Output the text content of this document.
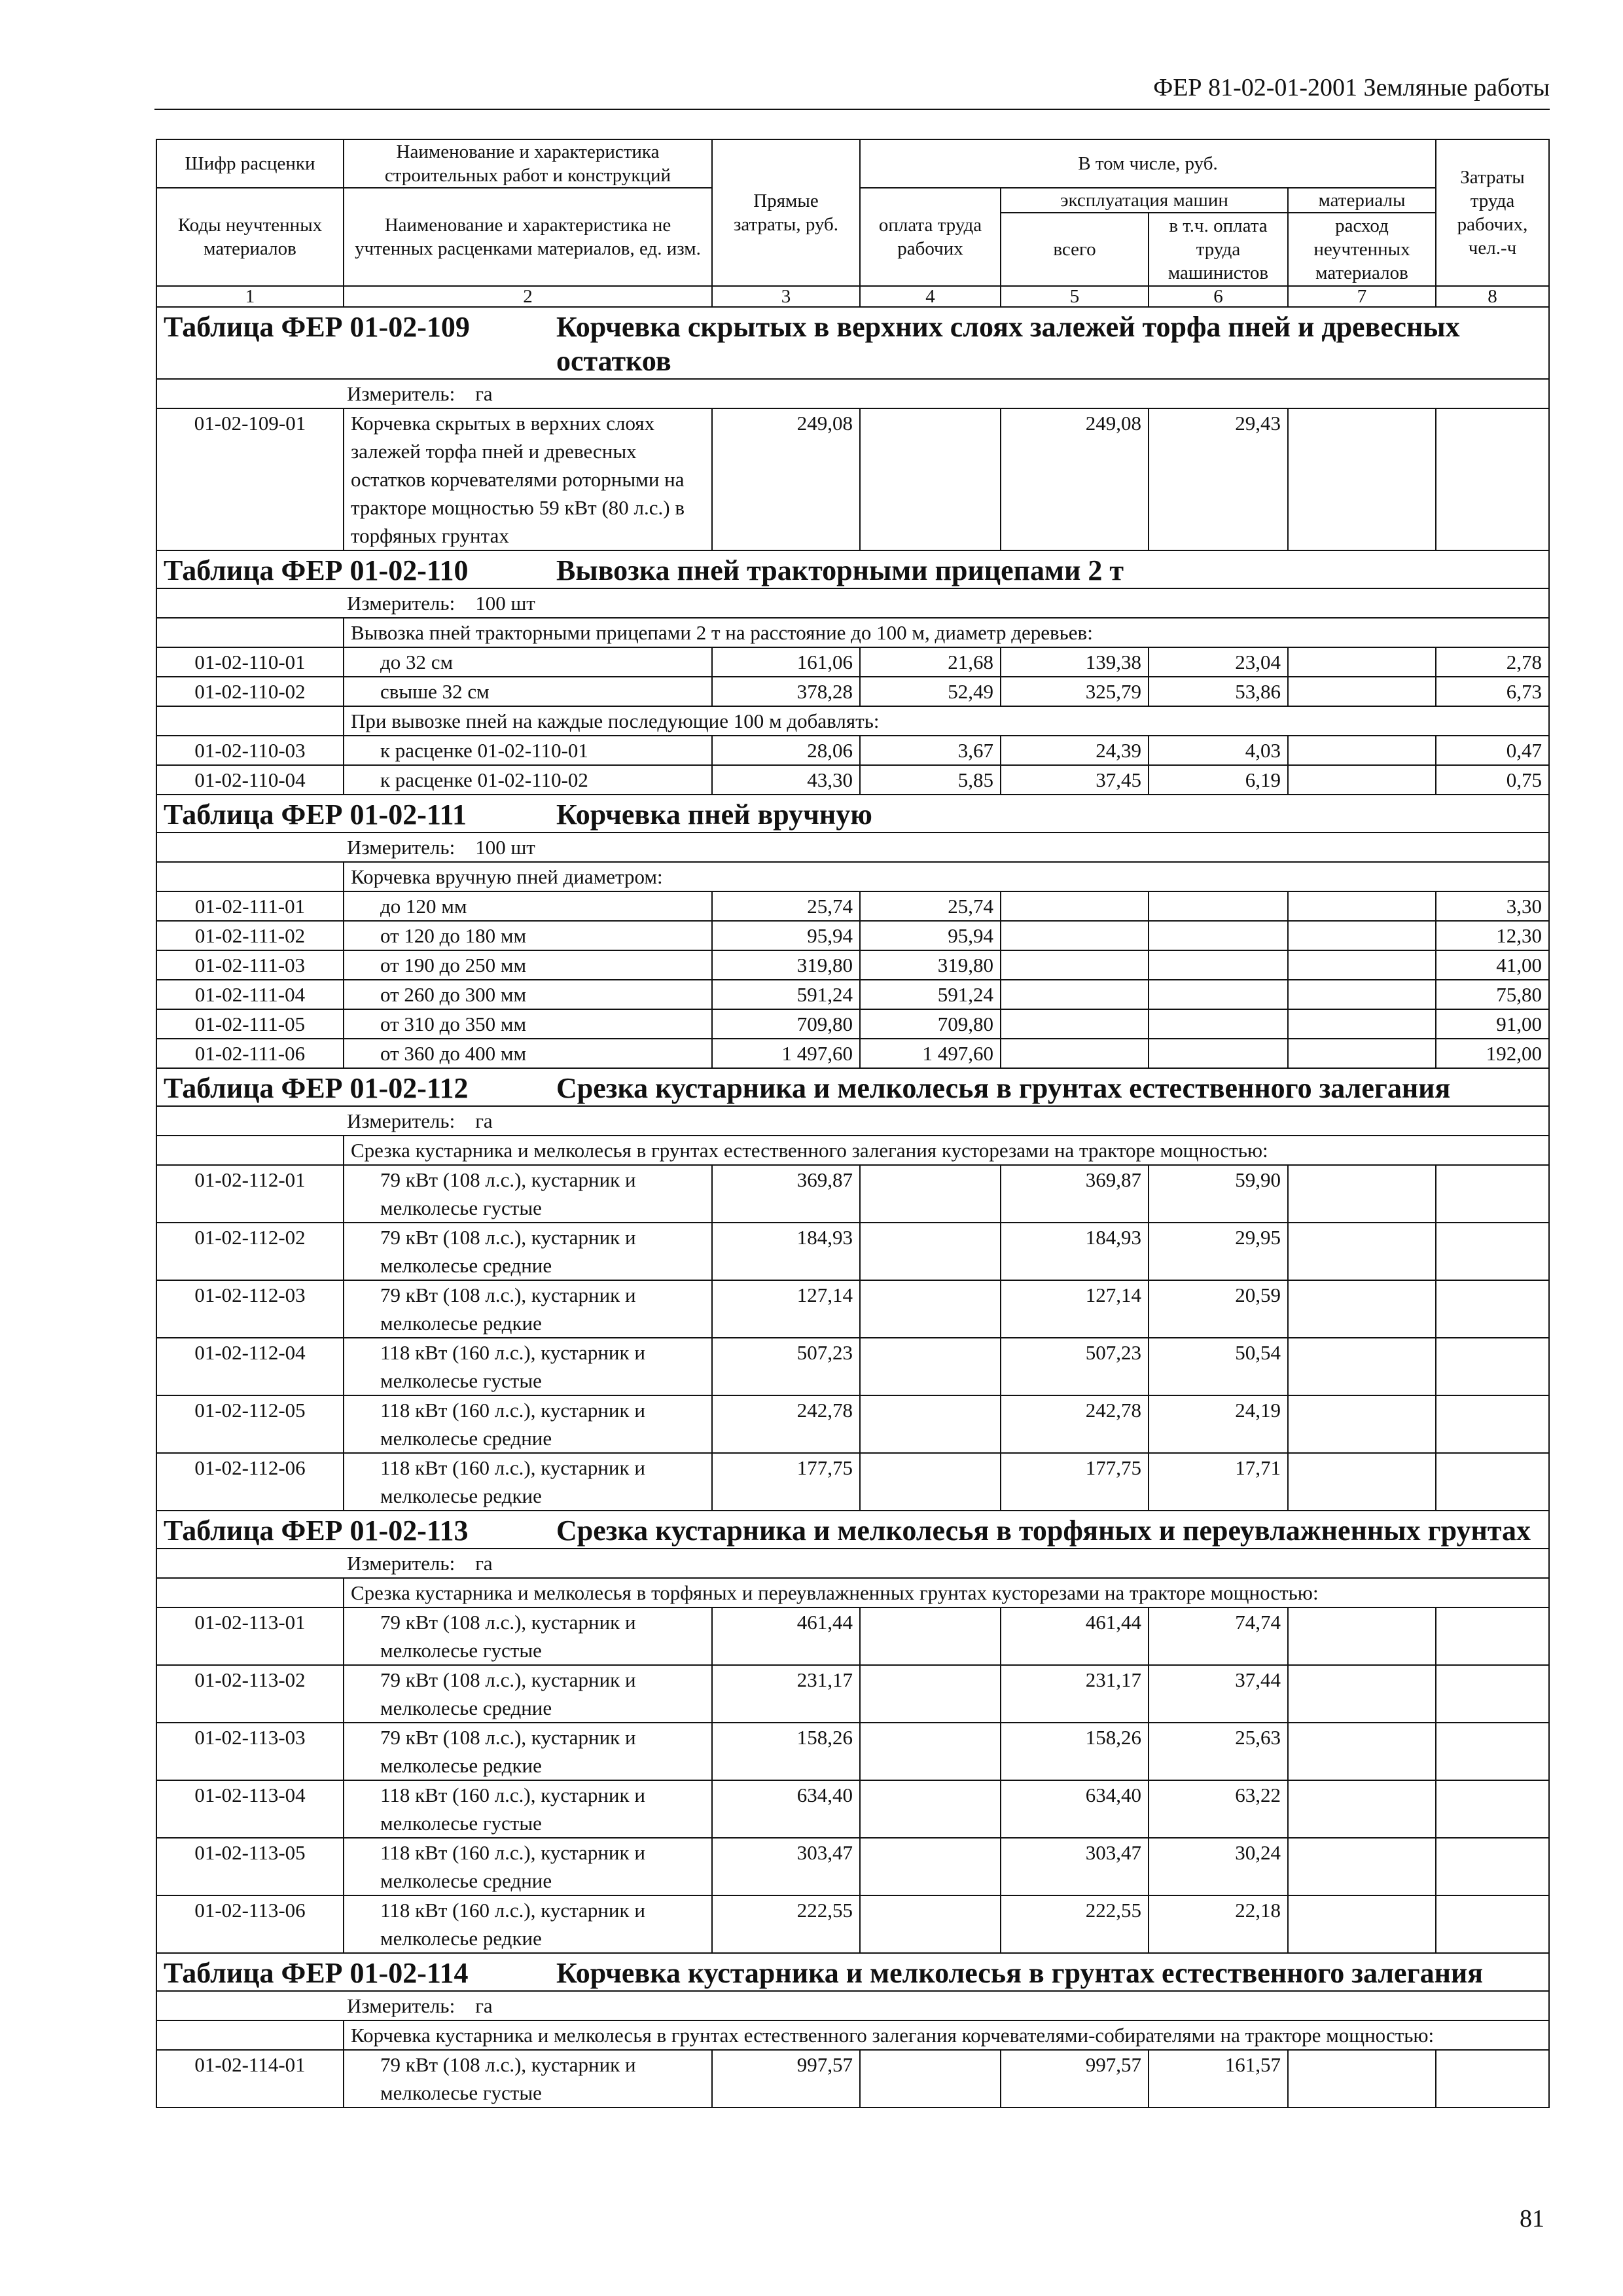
ФЕР 81-02-01-2001 Земляные работы
Шифр расценки	Наименование и характеристика строительных работ и конструкций	Прямые затраты, руб.	В том числе, руб.				Затраты труда рабочих, чел.-ч
Коды неучтенных материалов	Наименование и характеристика не учтенных расценками материалов, ед. изм.		оплата труда рабочих	эксплуатация машин		материалы	
				всего	в т.ч. оплата труда машинистов	расход неучтенных материалов	
1	2	3	4	5	6	7	8

Таблица ФЕР 01-02-109 Корчевка скрытых в верхних слоях залежей торфа пней и древесных остатков							

Измеритель: га							
01-02-109-01	Корчевка скрытых в верхних слоях залежей торфа пней и древесных остатков корчевателями роторными на тракторе мощностью 59 кВт (80 л.с.) в торфяных грунтах	249,08		249,08	29,43		

Таблица ФЕР 01-02-110 Вывозка пней тракторными прицепами 2 т							

Измеритель: 100 шт							
	Вывозка пней тракторными прицепами 2 т на расстояние до 100 м, диаметр деревьев:						
01-02-110-01	до 32 см	161,06	21,68	139,38	23,04		2,78
01-02-110-02	свыше 32 см	378,28	52,49	325,79	53,86		6,73
	При вывозке пней на каждые последующие 100 м добавлять:						
01-02-110-03	к расценке 01-02-110-01	28,06	3,67	24,39	4,03		0,47
01-02-110-04	к расценке 01-02-110-02	43,30	5,85	37,45	6,19		0,75

Таблица ФЕР 01-02-111 Корчевка пней вручную							

Измеритель: 100 шт							
	Корчевка вручную пней диаметром:						
01-02-111-01	до 120 мм	25,74	25,74				3,30
01-02-111-02	от 120 до 180 мм	95,94	95,94				12,30
01-02-111-03	от 190 до 250 мм	319,80	319,80				41,00
01-02-111-04	от 260 до 300 мм	591,24	591,24				75,80
01-02-111-05	от 310 до 350 мм	709,80	709,80				91,00
01-02-111-06	от 360 до 400 мм	1 497,60	1 497,60				192,00

Таблица ФЕР 01-02-112 Срезка кустарника и мелколесья в грунтах естественного залегания							

Измеритель: га							
	Срезка кустарника и мелколесья в грунтах естественного залегания кусторезами на тракторе мощностью:						
01-02-112-01	79 кВт (108 л.с.), кустарник и мелколесье густые	369,87		369,87	59,90		
01-02-112-02	79 кВт (108 л.с.), кустарник и мелколесье средние	184,93		184,93	29,95		
01-02-112-03	79 кВт (108 л.с.), кустарник и мелколесье редкие	127,14		127,14	20,59		
01-02-112-04	118 кВт (160 л.с.), кустарник и мелколесье густые	507,23		507,23	50,54		
01-02-112-05	118 кВт (160 л.с.), кустарник и мелколесье средние	242,78		242,78	24,19		
01-02-112-06	118 кВт (160 л.с.), кустарник и мелколесье редкие	177,75		177,75	17,71		

Таблица ФЕР 01-02-113 Срезка кустарника и мелколесья в торфяных и переувлажненных грунтах							

Измеритель: га							
	Срезка кустарника и мелколесья в торфяных и переувлажненных грунтах кусторезами на тракторе мощностью:						
01-02-113-01	79 кВт (108 л.с.), кустарник и мелколесье густые	461,44		461,44	74,74		
01-02-113-02	79 кВт (108 л.с.), кустарник и мелколесье средние	231,17		231,17	37,44		
01-02-113-03	79 кВт (108 л.с.), кустарник и мелколесье редкие	158,26		158,26	25,63		
01-02-113-04	118 кВт (160 л.с.), кустарник и мелколесье густые	634,40		634,40	63,22		
01-02-113-05	118 кВт (160 л.с.), кустарник и мелколесье средние	303,47		303,47	30,24		
01-02-113-06	118 кВт (160 л.с.), кустарник и мелколесье редкие	222,55		222,55	22,18		

Таблица ФЕР 01-02-114 Корчевка кустарника и мелколесья в грунтах естественного залегания							

Измеритель: га							
	Корчевка кустарника и мелколесья в грунтах естественного залегания корчевателями-собирателями на тракторе мощностью:						
01-02-114-01	79 кВт (108 л.с.), кустарник и мелколесье густые	997,57		997,57	161,57		
81
